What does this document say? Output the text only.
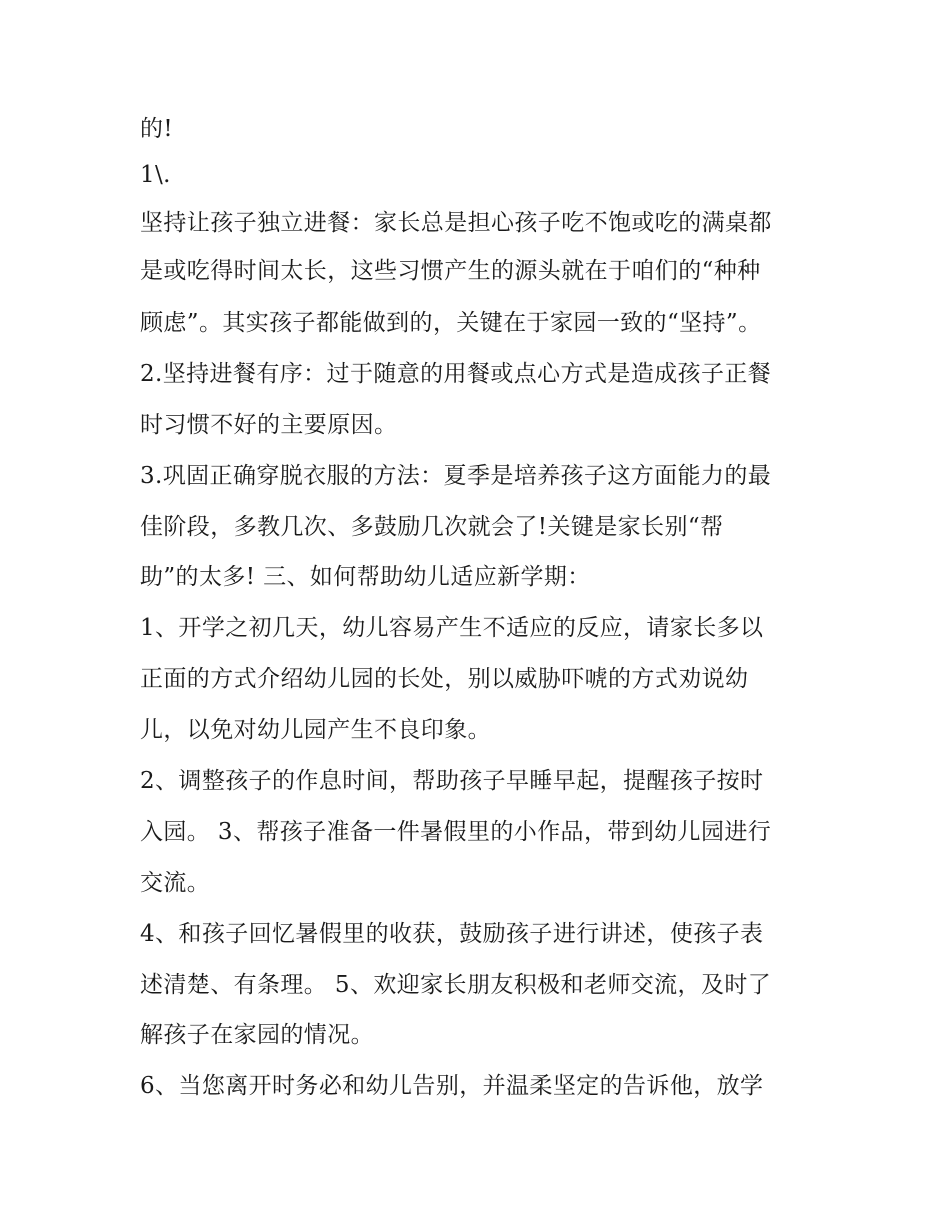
的!
1\.
坚持让孩子独立进餐：家长总是担心孩子吃不饱或吃的满桌都
是或吃得时间太长，这些习惯产生的源头就在于咱们的“种种
顾虑”。其实孩子都能做到的，关键在于家园一致的“坚持”。
2.坚持进餐有序：过于随意的用餐或点心方式是造成孩子正餐
时习惯不好的主要原因。
3.巩固正确穿脱衣服的方法：夏季是培养孩子这方面能力的最
佳阶段，多教几次、多鼓励几次就会了!关键是家长别“帮
助”的太多! 三、如何帮助幼儿适应新学期：
1、开学之初几天，幼儿容易产生不适应的反应，请家长多以
正面的方式介绍幼儿园的长处，别以威胁吓唬的方式劝说幼
儿，以免对幼儿园产生不良印象。
2、调整孩子的作息时间，帮助孩子早睡早起，提醒孩子按时
入园。 3、帮孩子准备一件暑假里的小作品，带到幼儿园进行
交流。
4、和孩子回忆暑假里的收获，鼓励孩子进行讲述，使孩子表
述清楚、有条理。 5、欢迎家长朋友积极和老师交流，及时了
解孩子在家园的情况。
6、当您离开时务必和幼儿告别，并温柔坚定的告诉他，放学
